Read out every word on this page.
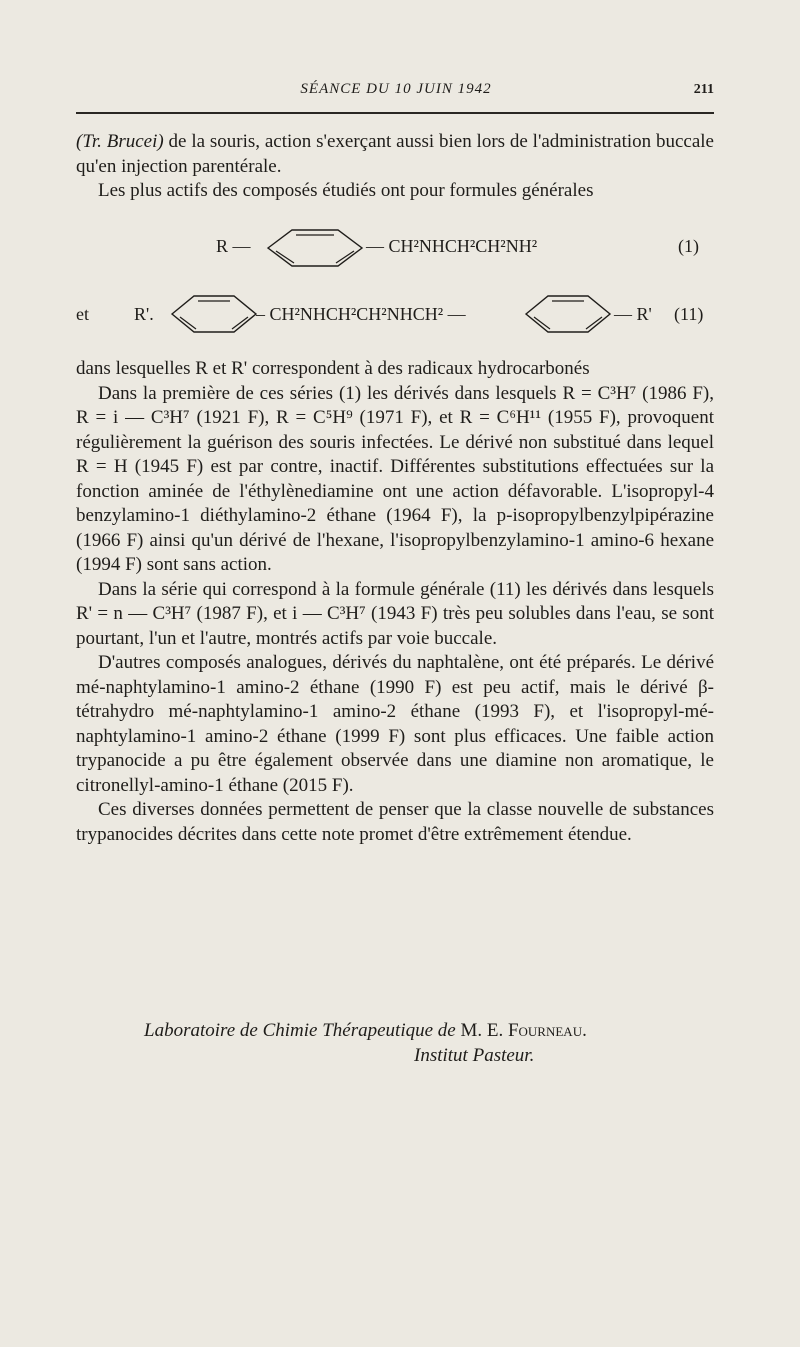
SÉANCE DU 10 JUIN 1942	211

(Tr. Brucei) de la souris, action s'exerçant aussi bien lors de l'administration buccale qu'en injection parentérale.

Les plus actifs des composés étudiés ont pour formules générales

R —	— CH²NHCH²CH²NH²	(1)
et	R'.	– CH²NHCH²CH²NHCH² —	— R' (11)

dans lesquelles R et R' correspondent à des radicaux hydrocarbonés

Dans la première de ces séries (1) les dérivés dans lesquels R = C³H⁷ (1986 F), R = i — C³H⁷ (1921 F), R = C⁵H⁹ (1971 F), et R = C⁶H¹¹ (1955 F), provoquent régulièrement la guérison des souris infectées. Le dérivé non substitué dans lequel R = H (1945 F) est par contre, inactif. Différentes substitutions effectuées sur la fonction aminée de l'éthylènediamine ont une action défavorable. L'isopropyl-4 benzylamino-1 diéthylamino-2 éthane (1964 F), la p-isopropylbenzylpipérazine (1966 F) ainsi qu'un dérivé de l'hexane, l'isopropylbenzylamino-1 amino-6 hexane (1994 F) sont sans action.

Dans la série qui correspond à la formule générale (11) les dérivés dans lesquels R' = n — C³H⁷ (1987 F), et i — C³H⁷ (1943 F) très peu solubles dans l'eau, se sont pourtant, l'un et l'autre, montrés actifs par voie buccale.

D'autres composés analogues, dérivés du naphtalène, ont été préparés. Le dérivé mé-naphtylamino-1 amino-2 éthane (1990 F) est peu actif, mais le dérivé β-tétrahydro mé-naphtylamino-1 amino-2 éthane (1993 F), et l'isopropyl-mé-naphtylamino-1 amino-2 éthane (1999 F) sont plus efficaces. Une faible action trypanocide a pu être également observée dans une diamine non aromatique, le citronellyl-amino-1 éthane (2015 F).

Ces diverses données permettent de penser que la classe nouvelle de substances trypanocides décrites dans cette note promet d'être extrêmement étendue.

Laboratoire de Chimie Thérapeutique de M. E. Fourneau.
Institut Pasteur.
